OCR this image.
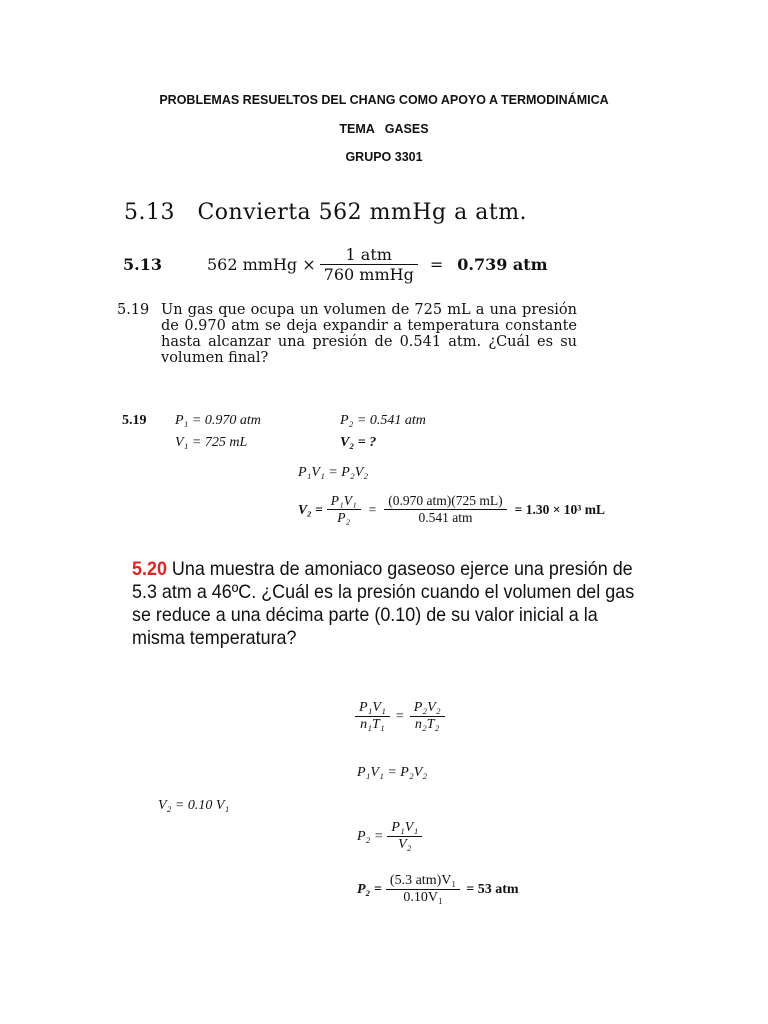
PROBLEMAS RESUELTOS DEL CHANG COMO APOYO A TERMODINÁMICA
TEMA   GASES
GRUPO 3301
5.13   Convierta 562 mmHg a atm.
5.13	562 mmHg × $\frac{\text{1 atm}}{\text{760 mmHg}} = 0.739$ atm
5.19 Un gas que ocupa un volumen de 725 mL a una presión de 0.970 atm se deja expandir a temperatura constante hasta alcanzar una presión de 0.541 atm. ¿Cuál es su volumen final?
5.19 P₁ = 0.970 atm	P₂ = 0.541 atm
V₁ = 725 mL	V₂ = ?
P₁V₁ = P₂V₂
$V_2 = \frac{\text{P₁V₁}}{\text{P₂}} = \frac{\text{(0.970 atm)(725 mL)}}{\text{0.541 atm}} = 1.30 \times 10^3$ mL
5.20 Una muestra de amoniaco gaseoso ejerce una presión de 5.3 atm a 46ºC. ¿Cuál es la presión cuando el volumen del gas se reduce a una décima parte (0.10) de su valor inicial a la misma temperatura?
$\frac{\text{P₁V₁}}{\text{n₁T₁}} = \frac{\text{P₂V₂}}{\text{n₂T₂}}$
P₁V₁ = P₂V₂
V₂ = 0.10 V₁
$P_2 = \frac{\text{P₁V₁}}{\text{V₂}}$
$P_2 = \frac{\text{(5.3 atm)V₁}}{\text{0.10V₁}} = 53$ atm
